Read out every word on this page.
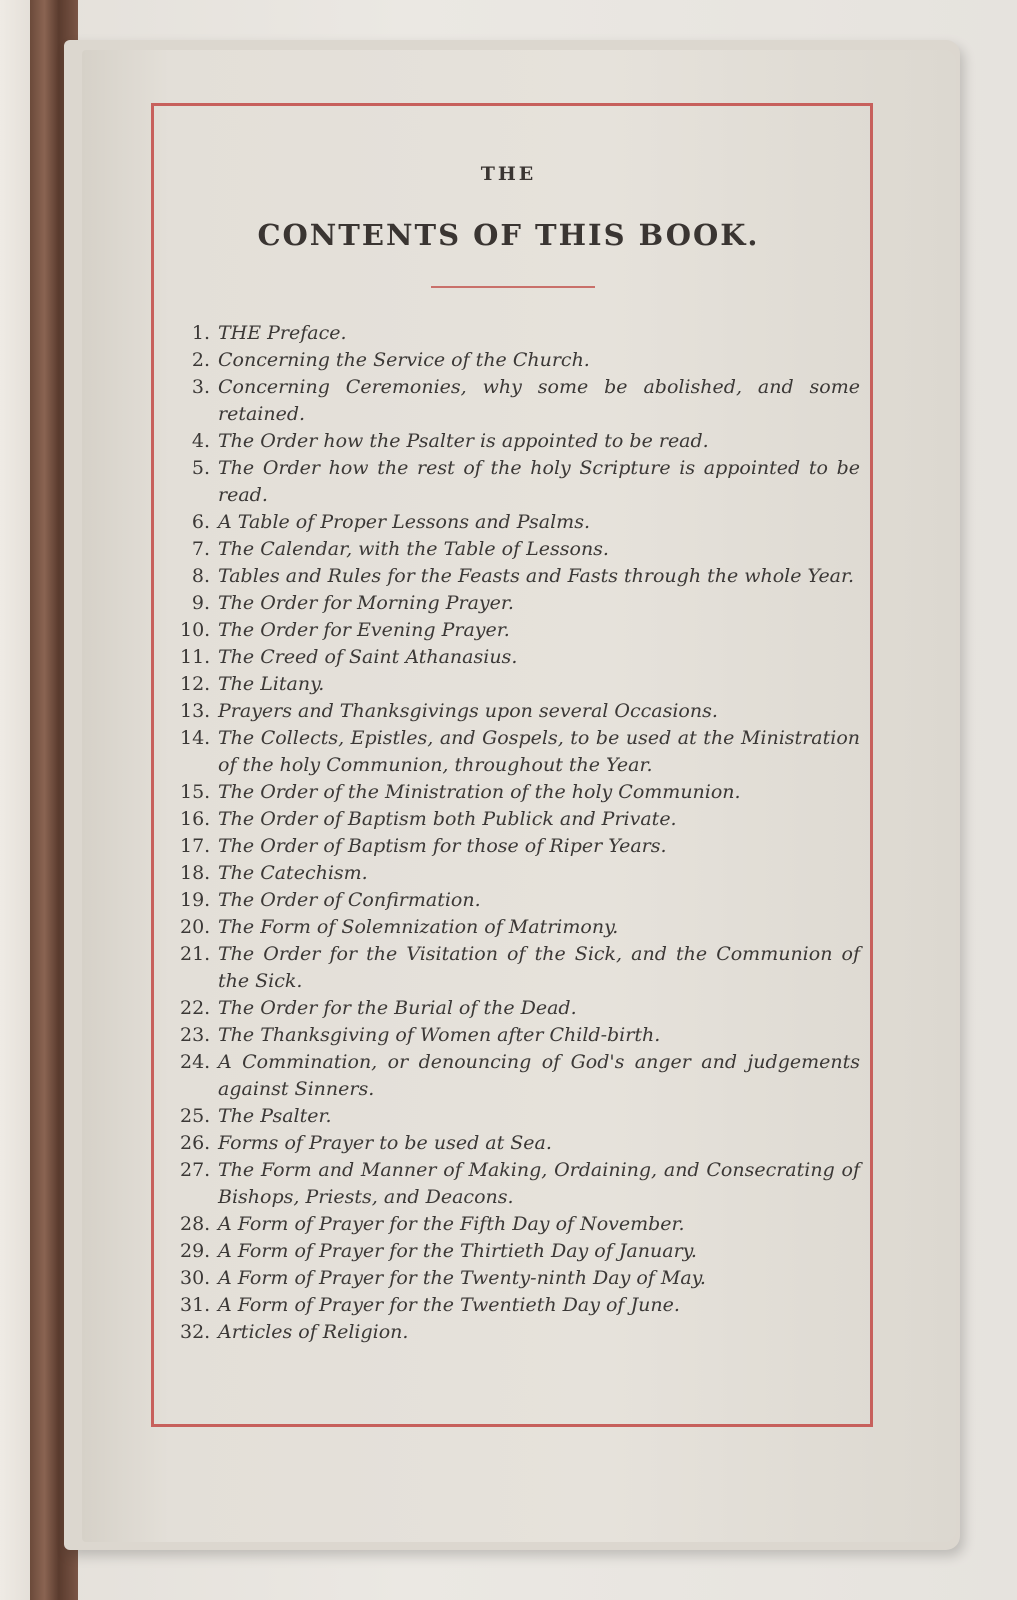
THE
CONTENTS OF THIS BOOK.
1. THE Preface.
2. Concerning the Service of the Church.
3. Concerning Ceremonies, why some be abolished, and some retained.
4. The Order how the Psalter is appointed to be read.
5. The Order how the rest of the holy Scripture is appointed to be read.
6. A Table of Proper Lessons and Psalms.
7. The Calendar, with the Table of Lessons.
8. Tables and Rules for the Feasts and Fasts through the whole Year.
9. The Order for Morning Prayer.
10. The Order for Evening Prayer.
11. The Creed of Saint Athanasius.
12. The Litany.
13. Prayers and Thanksgivings upon several Occasions.
14. The Collects, Epistles, and Gospels, to be used at the Ministration of the holy Communion, throughout the Year.
15. The Order of the Ministration of the holy Communion.
16. The Order of Baptism both Publick and Private.
17. The Order of Baptism for those of Riper Years.
18. The Catechism.
19. The Order of Confirmation.
20. The Form of Solemnization of Matrimony.
21. The Order for the Visitation of the Sick, and the Communion of the Sick.
22. The Order for the Burial of the Dead.
23. The Thanksgiving of Women after Child-birth.
24. A Commination, or denouncing of God's anger and judgements against Sinners.
25. The Psalter.
26. Forms of Prayer to be used at Sea.
27. The Form and Manner of Making, Ordaining, and Consecrating of Bishops, Priests, and Deacons.
28. A Form of Prayer for the Fifth Day of November.
29. A Form of Prayer for the Thirtieth Day of January.
30. A Form of Prayer for the Twenty-ninth Day of May.
31. A Form of Prayer for the Twentieth Day of June.
32. Articles of Religion.
